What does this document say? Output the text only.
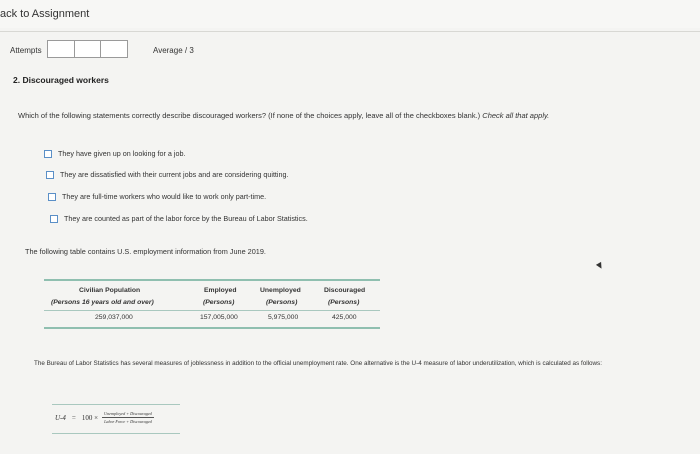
ack to Assignment
Attempts	Average / 3
2. Discouraged workers
Which of the following statements correctly describe discouraged workers? (If none of the choices apply, leave all of the checkboxes blank.) Check all that apply.
They have given up on looking for a job.
They are dissatisfied with their current jobs and are considering quitting.
They are full-time workers who would like to work only part-time.
They are counted as part of the labor force by the Bureau of Labor Statistics.
The following table contains U.S. employment information from June 2019.
Civilian Population	Employed	Unemployed	Discouraged
(Persons 16 years old and over)	(Persons)	(Persons)	(Persons)
259,037,000	157,005,000	5,975,000	425,000
The Bureau of Labor Statistics has several measures of joblessness in addition to the official unemployment rate. One alternative is the U-4 measure of labor underutilization, which is calculated as follows:
$U-4 = 100 \times \frac{\text{Unemployed + Discouraged}}{\text{Labor Force + Discouraged}}$
